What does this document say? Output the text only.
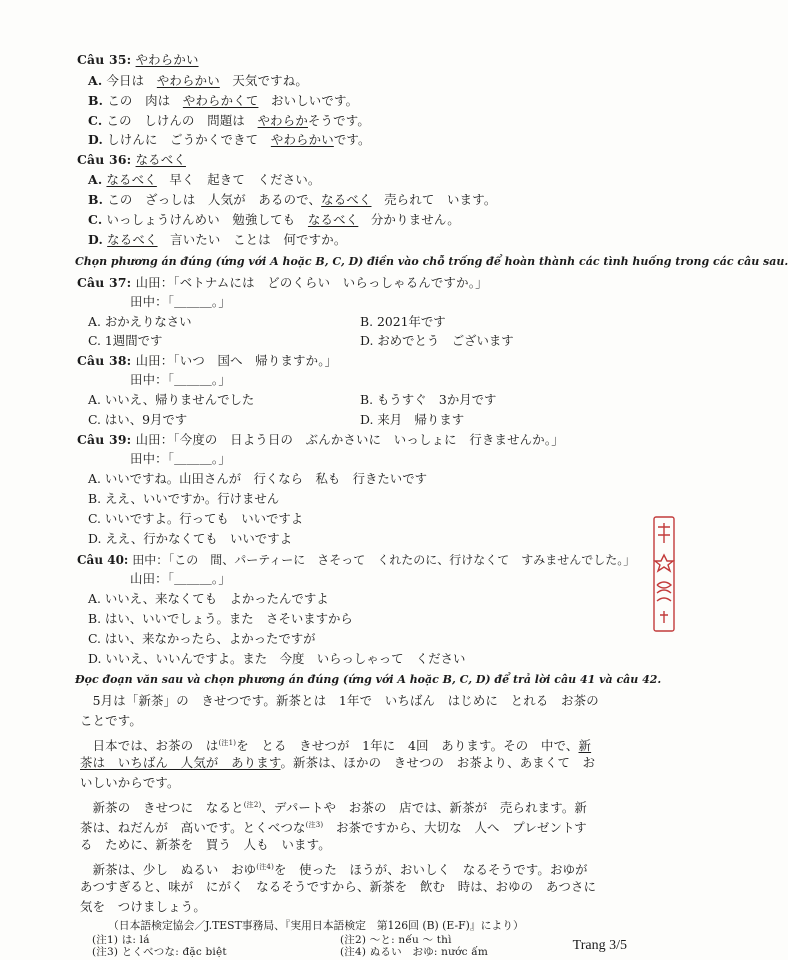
Câu 35: やわらかい
A. 今日は　やわらかい　天気ですね。
B. この　肉は　やわらかくて　おいしいです。
C. この　しけんの　問題は　やわらかそうです。
D. しけんに　ごうかくできて　やわらかいです。
Câu 36: なるべく
A. なるべく　早く　起きて　ください。
B. この　ざっしは　人気が　あるので、なるべく　売られて　います。
C. いっしょうけんめい　勉強しても　なるべく　分かりません。
D. なるべく　言いたい　ことは　何ですか。
Chọn phương án đúng (ứng với A hoặc B, C, D) điền vào chỗ trống để hoàn thành các tình huống trong các câu sau.
Câu 37: 山田：「ベトナムには　どのくらい　いらっしゃるんですか。」
田中：「＿＿＿。」
A. おかえりなさい	B. 2021年です
C. 1週間です	D. おめでとう　ございます
Câu 38: 山田：「いつ　国へ　帰りますか。」
田中：「＿＿＿。」
A. いいえ、帰りませんでした	B. もうすぐ　3か月です
C. はい、9月です	D. 来月　帰ります
Câu 39: 山田：「今度の　日よう日の　ぶんかさいに　いっしょに　行きませんか。」
田中：「＿＿＿。」
A. いいですね。山田さんが　行くなら　私も　行きたいです
B. ええ、いいですか。行けません
C. いいですよ。行っても　いいですよ
D. ええ、行かなくても　いいですよ
Câu 40: 田中：「この　間、パーティーに　さそって　くれたのに、行けなくて　すみませんでした。」
山田：「＿＿＿。」
A. いいえ、来なくても　よかったんですよ
B. はい、いいでしょう。また　さそいますから
C. はい、来なかったら、よかったですが
D. いいえ、いいんですよ。また　今度　いらっしゃって　ください
Đọc đoạn văn sau và chọn phương án đúng (ứng với A hoặc B, C, D) để trả lời câu 41 và câu 42.
　5月は「新茶」の　きせつです。新茶とは　1年で　いちばん　はじめに　とれる　お茶の
ことです。
　日本では、お茶の　は$^{(注1)}$を　とる　きせつが　1年に　4回　あります。その　中で、新
茶は　いちばん　人気が　あります。新茶は、ほかの　きせつの　お茶より、あまくて　お
いしいからです。
　新茶の　きせつに　なると$^{(注2)}$、デパートや　お茶の　店では、新茶が　売られます。新
茶は、ねだんが　高いです。とくべつな$^{(注3)}$　お茶ですから、大切な　人へ　プレゼントす
る　ために、新茶を　買う　人も　います。
　新茶は、少し　ぬるい　おゆ$^{(注4)}$を　使った　ほうが、おいしく　なるそうです。おゆが
あつすぎると、味が　にがく　なるそうですから、新茶を　飲む　時は、おゆの　あつさに
気を　つけましょう。
（日本語検定協会／J.TEST事務局、『実用日本語検定　第126回 (B) (E-F)』により）
(注1) は: lá	(注2) ～と: nếu ～ thì	Trang 3/5
(注3) とくべつな: đặc biệt	(注4) ぬるい　おゆ: nước ấm
